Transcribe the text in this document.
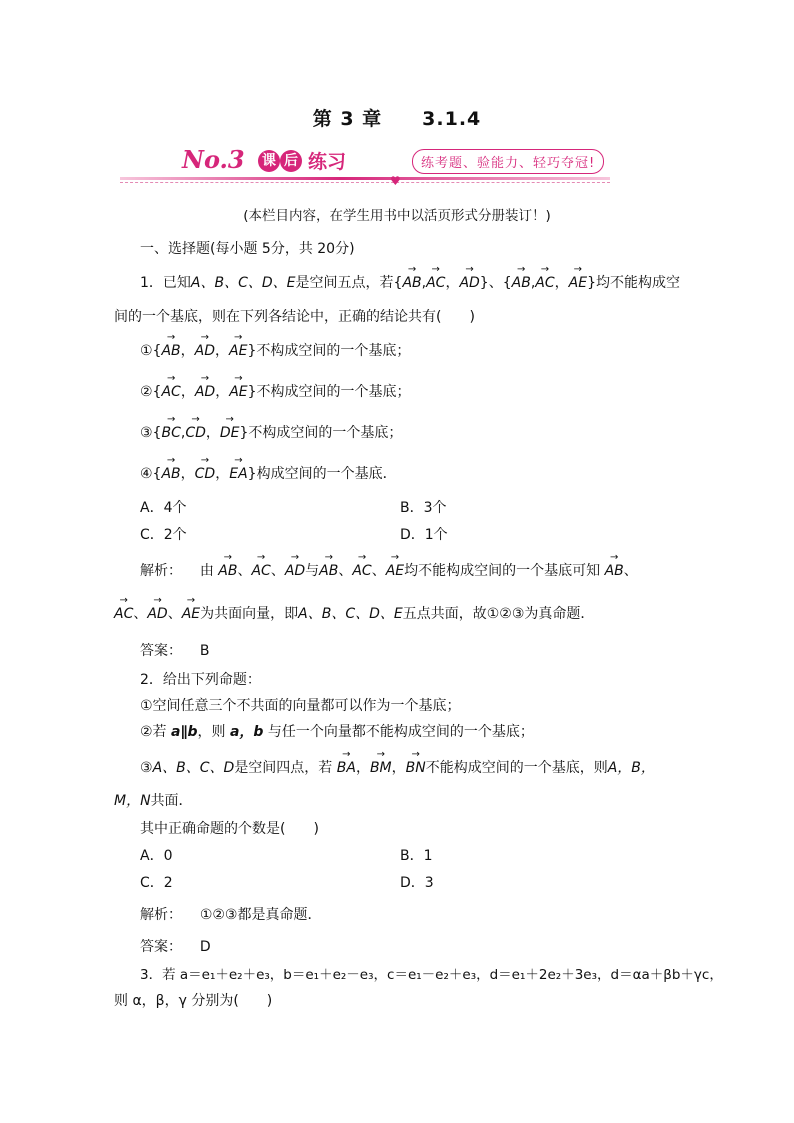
第 3 章　　3.1.4
No.3 课 后 练习	练考题、验能力、轻巧夺冠!
♥
(本栏目内容，在学生用书中以活页形式分册装订！)
一、选择题(每小题 5分，共 20分)
1．已知A、B、C、D、E是空间五点，若{→ AB,→ AC，→ AD}、{→ AB,→ AC，→ AE}均不能构成空
间的一个基底，则在下列各结论中，正确的结论共有(　　)
①{→ AB，→ AD，→ AE}不构成空间的一个基底；
②{→ AC，→ AD，→ AE}不构成空间的一个基底；
③{→ BC,→ CD，→ DE}不构成空间的一个基底；
④{→ AB，→ CD，→ EA}构成空间的一个基底．
A．4个	B．3个
C．2个	D．1个
解析： 由 → AB、→ AC、→ AD与→ AB、→ AC、→ AE均不能构成空间的一个基底可知 → AB、
→ AC、→ AD、→ AE为共面向量，即A、B、C、D、E五点共面，故①②③为真命题．
答案： B
2．给出下列命题：
①空间任意三个不共面的向量都可以作为一个基底；
②若 a∥b，则 a，b 与任一个向量都不能构成空间的一个基底；
③A、B、C、D是空间四点，若 → BA，→ BM，→ BN不能构成空间的一个基底，则A，B，
M，N共面．
其中正确命题的个数是(　　)
A．0	B．1
C．2	D．3
解析： ①②③都是真命题．
答案： D
3．若 a＝e₁＋e₂＋e₃，b＝e₁＋e₂－e₃，c＝e₁－e₂＋e₃，d＝e₁＋2e₂＋3e₃，d＝αa＋βb＋γc，
则 α，β，γ 分别为(　　)
